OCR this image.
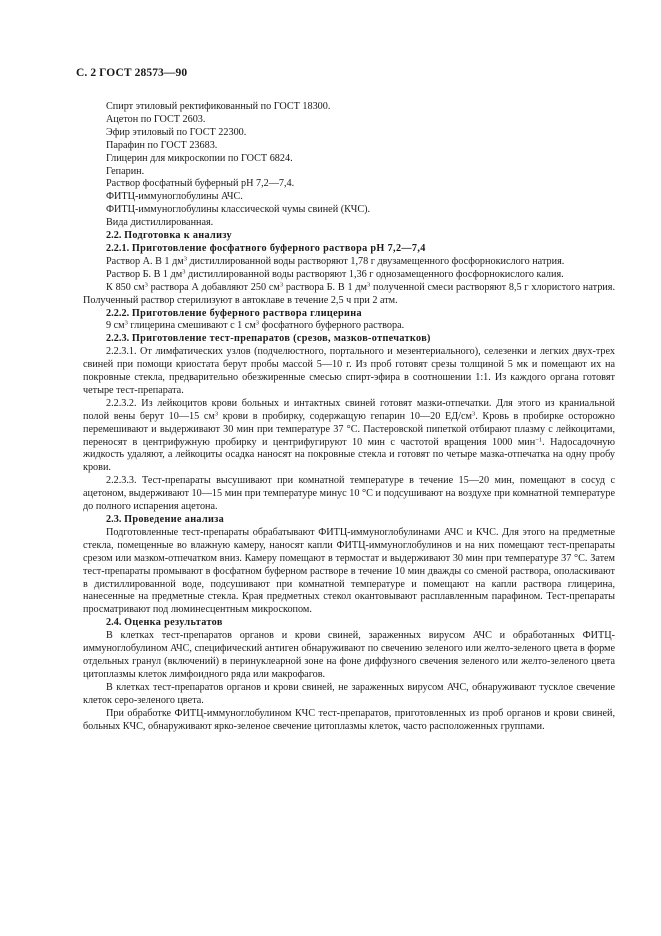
С. 2 ГОСТ 28573—90

Спирт этиловый ректификованный по ГОСТ 18300.

Ацетон по ГОСТ 2603.

Эфир этиловый по ГОСТ 22300.

Парафин по ГОСТ 23683.

Глицерин для микроскопии по ГОСТ 6824.

Гепарин.

Раствор фосфатный буферный pH 7,2—7,4.

ФИТЦ-иммуноглобулины АЧС.

ФИТЦ-иммуноглобулины классической чумы свиней (КЧС).

Вида дистиллированная.

2.2. Подготовка к анализу

2.2.1. Приготовление фосфатного буферного раствора pH 7,2—7,4

Раствор А. В 1 $дм^3$ дистиллированной воды растворяют 1,78 г двузамещенного фосфорнокислого натрия.

Раствор Б. В 1 $дм^3$ дистиллированной воды растворяют 1,36 г однозамещенного фосфорнокислого калия.

К 850 $см^3$ раствора А добавляют 250 $см^3$ раствора Б. В 1 $дм^3$ полученной смеси растворяют 8,5 г хлористого натрия. Полученный раствор стерилизуют в автоклаве в течение 2,5 ч при 2 атм.

2.2.2. Приготовление буферного раствора глицерина

9 $см^3$ глицерина смешивают с 1 $см^3$ фосфатного буферного раствора.

2.2.3. Приготовление тест-препаратов (срезов, мазков-отпечатков)

2.2.3.1. От лимфатических узлов (подчелюстного, портального и мезентериального), селезенки и легких двух-трех свиней при помощи криостата берут пробы массой 5—10 г. Из проб готовят срезы толщиной 5 мк и помещают их на покровные стекла, предварительно обезжиренные смесью спирт-эфира в соотношении 1:1. Из каждого органа готовят четыре тест-препарата.

2.2.3.2. Из лейкоцитов крови больных и интактных свиней готовят мазки-отпечатки. Для этого из краниальной полой вены берут 10—15 $см^3$ крови в пробирку, содержащую гепарин 10—20 $ЕД/см^3$. Кровь в пробирке осторожно перемешивают и выдерживают 30 мин при температуре 37 °С. Пастеровской пипеткой отбирают плазму с лейкоцитами, переносят в центрифужную пробирку и центрифугируют 10 мин с частотой вращения 1000 мин$^{-1}$. Надосадочную жидкость удаляют, а лейкоциты осадка наносят на покровные стекла и готовят по четыре мазка-отпечатка на одну пробу крови.

2.2.3.3. Тест-препараты высушивают при комнатной температуре в течение 15—20 мин, помещают в сосуд с ацетоном, выдерживают 10—15 мин при температуре минус 10 °С и подсушивают на воздухе при комнатной температуре до полного испарения ацетона.

2.3. Проведение анализа

Подготовленные тест-препараты обрабатывают ФИТЦ-иммуноглобулинами АЧС и КЧС. Для этого на предметные стекла, помещенные во влажную камеру, наносят капли ФИТЦ-иммуноглобулинов и на них помещают тест-препараты срезом или мазком-отпечатком вниз. Камеру помещают в термостат и выдерживают 30 мин при температуре 37 °С. Затем тест-препараты промывают в фосфатном буферном растворе в течение 10 мин дважды со сменой раствора, ополаскивают в дистиллированной воде, подсушивают при комнатной температуре и помещают на капли раствора глицерина, нанесенные на предметные стекла. Края предметных стекол окантовывают расплавленным парафином. Тест-препараты просматривают под люминесцентным микроскопом.

2.4. Оценка результатов

В клетках тест-препаратов органов и крови свиней, зараженных вирусом АЧС и обработанных ФИТЦ-иммуноглобулином АЧС, специфический антиген обнаруживают по свечению зеленого или желто-зеленого цвета в форме отдельных гранул (включений) в перинуклеарной зоне на фоне диффузного свечения зеленого или желто-зеленого цвета цитоплазмы клеток лимфоидного ряда или макрофагов.

В клетках тест-препаратов органов и крови свиней, не зараженных вирусом АЧС, обнаруживают тусклое свечение клеток серо-зеленого цвета.

При обработке ФИТЦ-иммуноглобулином КЧС тест-препаратов, приготовленных из проб органов и крови свиней, больных КЧС, обнаруживают ярко-зеленое свечение цитоплазмы клеток, часто расположенных группами.
